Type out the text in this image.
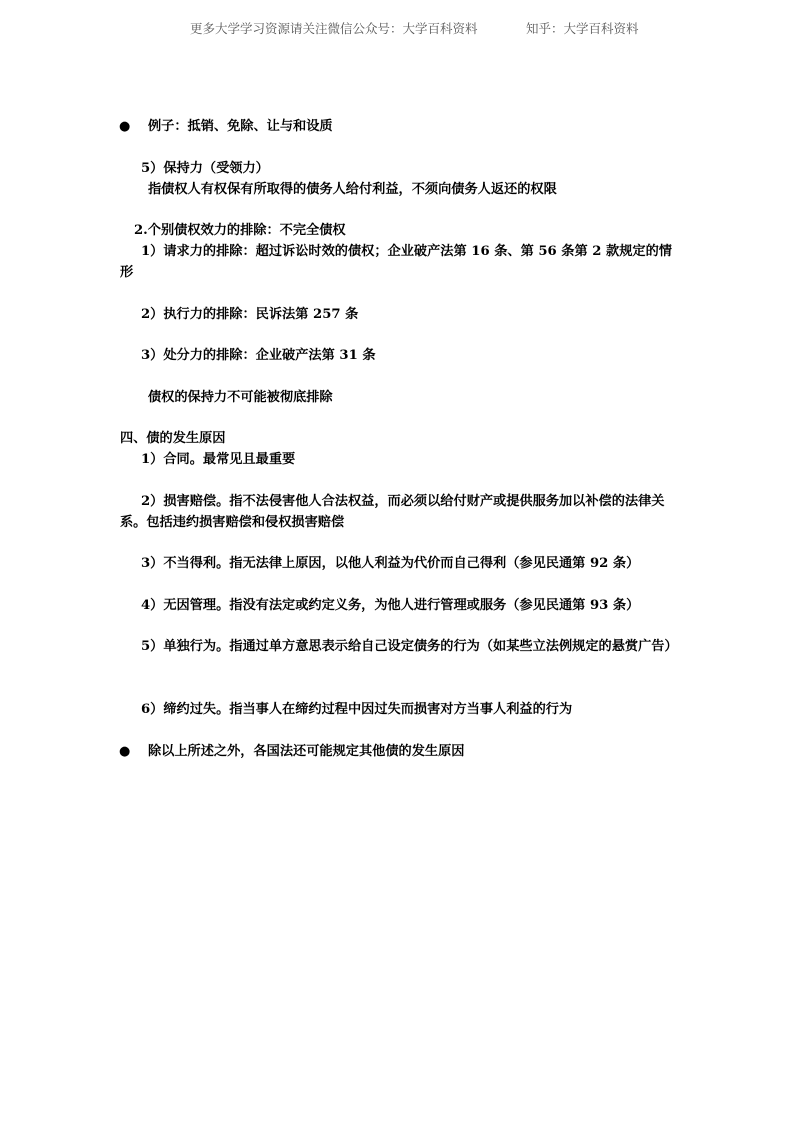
更多大学学习资源请关注微信公众号：大学百科资料	知乎：大学百科资料
● 例子：抵销、免除、让与和设质
5）保持力（受领力）
指债权人有权保有所取得的债务人给付利益，不须向债务人返还的权限
2.个别债权效力的排除：不完全债权
1）请求力的排除：超过诉讼时效的债权；企业破产法第 16 条、第 56 条第 2 款规定的情形
2）执行力的排除：民诉法第 257 条
3）处分力的排除：企业破产法第 31 条
债权的保持力不可能被彻底排除
四、债的发生原因
1）合同。最常见且最重要
2）损害赔偿。指不法侵害他人合法权益，而必须以给付财产或提供服务加以补偿的法律关系。包括违约损害赔偿和侵权损害赔偿
3）不当得利。指无法律上原因，以他人利益为代价而自己得利（参见民通第 92 条）
4）无因管理。指没有法定或约定义务，为他人进行管理或服务（参见民通第 93 条）
5）单独行为。指通过单方意思表示给自己设定债务的行为（如某些立法例规定的悬赏广告）
6）缔约过失。指当事人在缔约过程中因过失而损害对方当事人利益的行为
● 除以上所述之外，各国法还可能规定其他债的发生原因
